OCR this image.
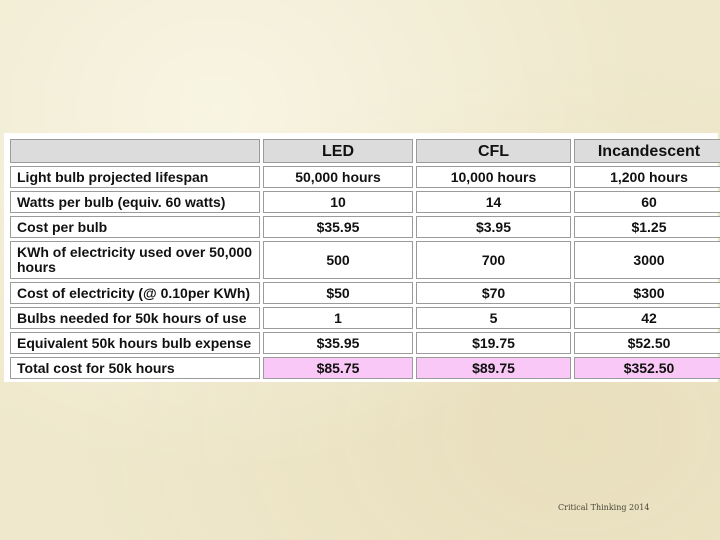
	LED	CFL	Incandescent
Light bulb projected lifespan	50,000 hours	10,000 hours	1,200 hours
Watts per bulb (equiv. 60 watts)	10	14	60
Cost per bulb	$35.95	$3.95	$1.25
KWh of electricity used over 50,000 hours	500	700	3000
Cost of electricity (@ 0.10per KWh)	$50	$70	$300
Bulbs needed for 50k hours of use	1	5	42
Equivalent 50k hours bulb expense	$35.95	$19.75	$52.50
Total cost for 50k hours	$85.75	$89.75	$352.50
Critical Thinking 2014
